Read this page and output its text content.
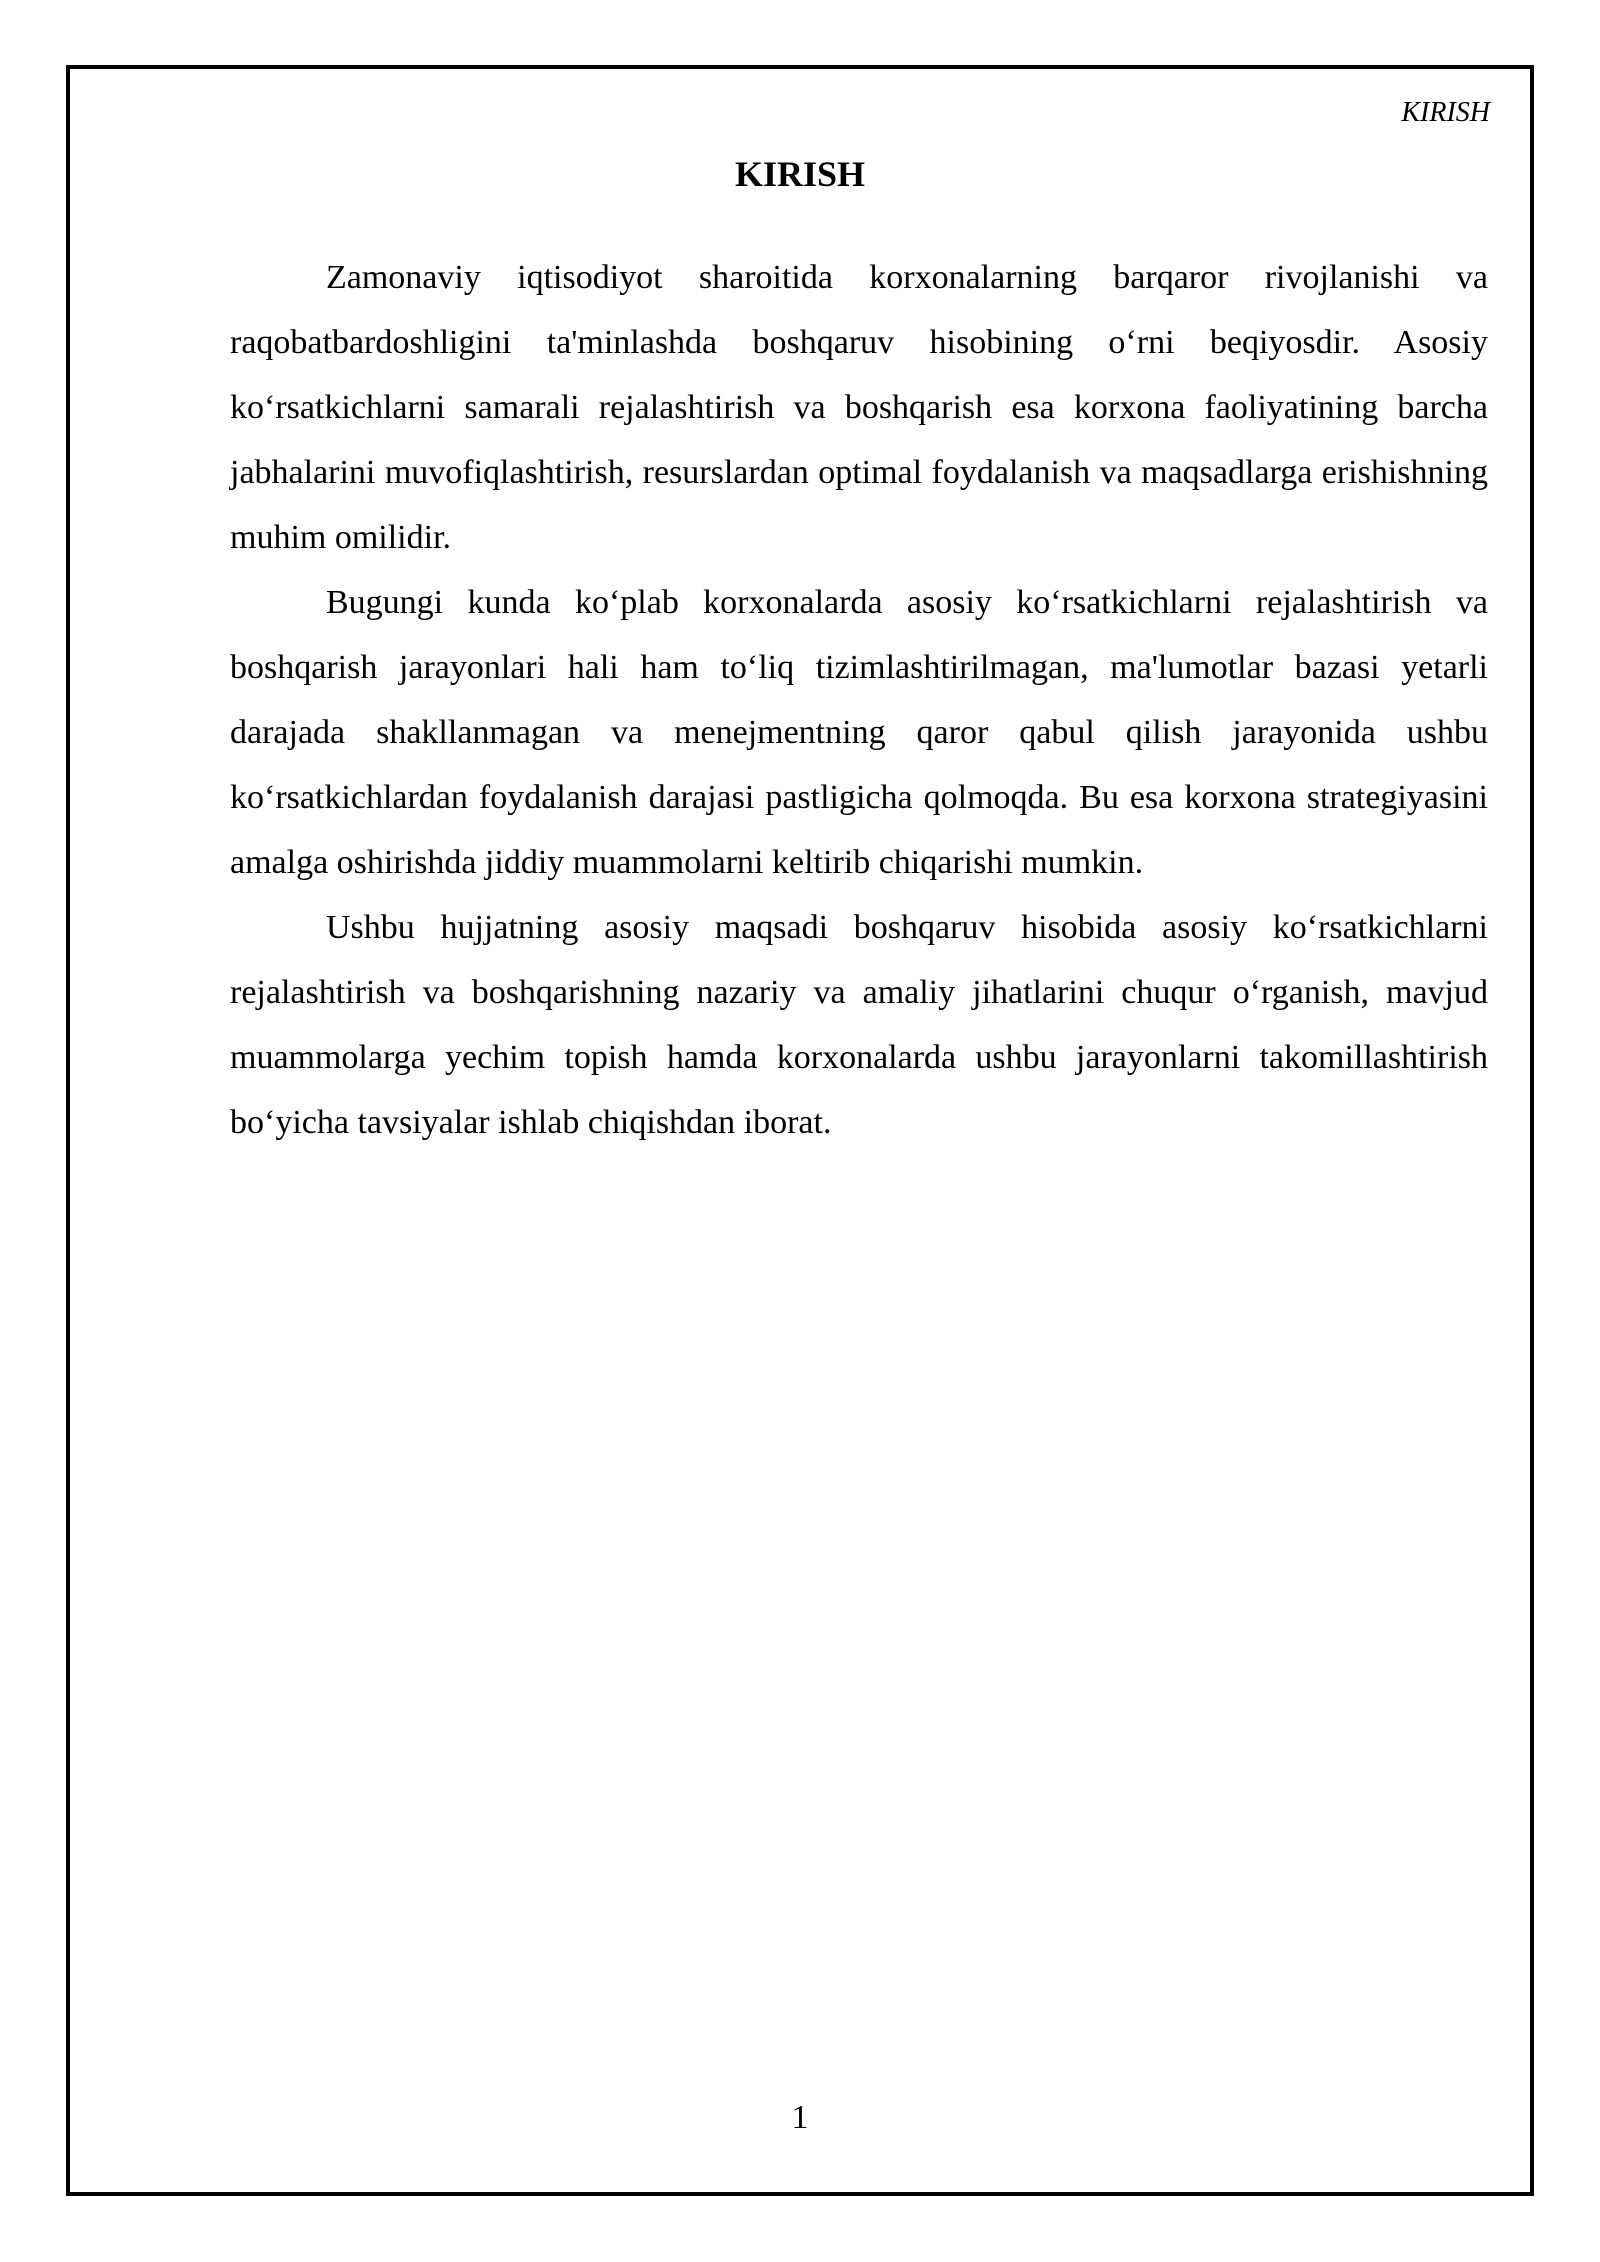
KIRISH
KIRISH

Zamonaviy iqtisodiyot sharoitida korxonalarning barqaror rivojlanishi va raqobatbardoshligini ta'minlashda boshqaruv hisobining o‘rni beqiyosdir. Asosiy ko‘rsatkichlarni samarali rejalashtirish va boshqarish esa korxona faoliyatining barcha jabhalarini muvofiqlashtirish, resurslardan optimal foydalanish va maqsadlarga erishishning muhim omilidir.

Bugungi kunda ko‘plab korxonalarda asosiy ko‘rsatkichlarni rejalashtirish va boshqarish jarayonlari hali ham to‘liq tizimlashtirilmagan, ma'lumotlar bazasi yetarli darajada shakllanmagan va menejmentning qaror qabul qilish jarayonida ushbu ko‘rsatkichlardan foydalanish darajasi pastligicha qolmoqda. Bu esa korxona strategiyasini amalga oshirishda jiddiy muammolarni keltirib chiqarishi mumkin.

Ushbu hujjatning asosiy maqsadi boshqaruv hisobida asosiy ko‘rsatkichlarni rejalashtirish va boshqarishning nazariy va amaliy jihatlarini chuqur o‘rganish, mavjud muammolarga yechim topish hamda korxonalarda ushbu jarayonlarni takomillashtirish bo‘yicha tavsiyalar ishlab chiqishdan iborat.

1
